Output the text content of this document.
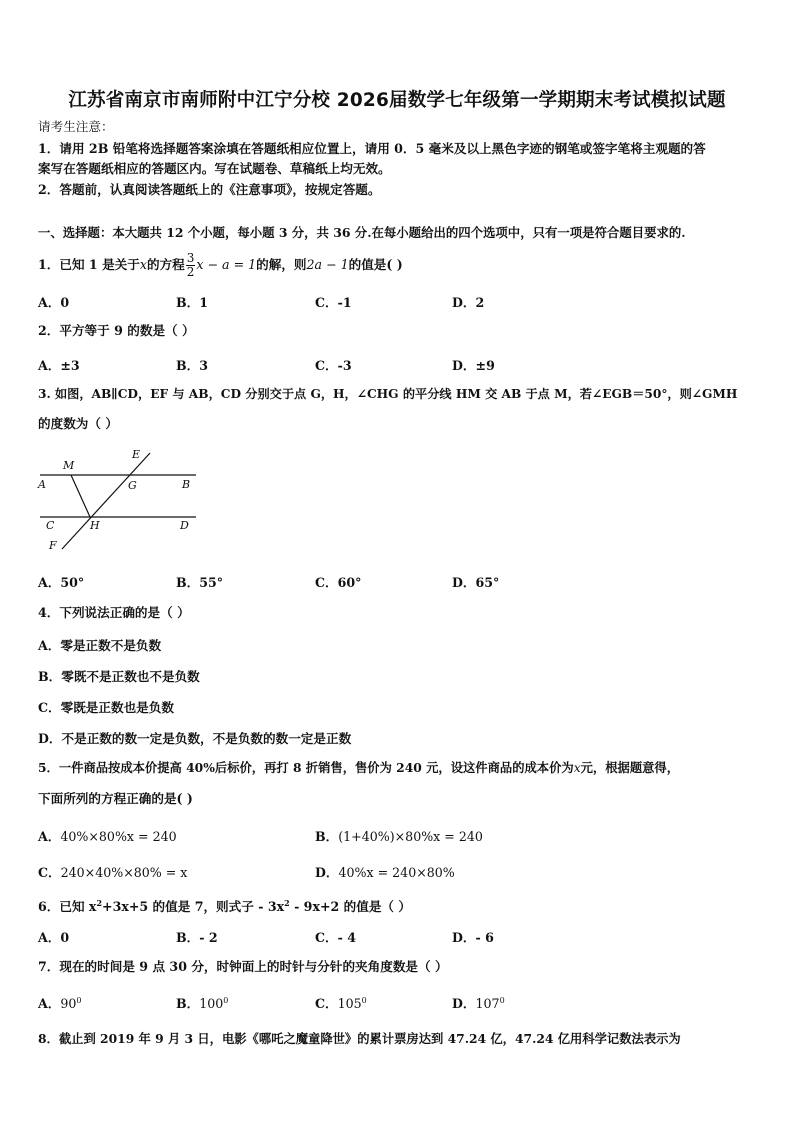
江苏省南京市南师附中江宁分校 2026届数学七年级第一学期期末考试模拟试题
请考生注意：
1．请用 2B 铅笔将选择题答案涂填在答题纸相应位置上，请用 0．5 毫米及以上黑色字迹的钢笔或签字笔将主观题的答
案写在答题纸相应的答题区内。写在试题卷、草稿纸上均无效。
2．答题前，认真阅读答题纸上的《注意事项》，按规定答题。
一、选择题：本大题共 12 个小题，每小题 3 分，共 36 分.在每小题给出的四个选项中，只有一项是符合题目要求的.
1．已知 1 是关于x的方程 $\frac{3}{2}$ x − a = 1的解，则2a − 1的值是( )
A．0	B．1	C．-1	D．2
2．平方等于 9 的数是（ ）
A．±3	B．3	C．-3	D．±9
3. 如图，AB∥CD，EF 与 AB，CD 分别交于点 G，H，∠CHG 的平分线 HM 交 AB 于点 M，若∠EGB＝50°，则∠GMH
的度数为（ ）
M
E
A	G	B
C	H	D
F
A．50°	B．55°	C．60°	D．65°
4．下列说法正确的是（ ）
A．零是正数不是负数
B．零既不是正数也不是负数
C．零既是正数也是负数
D．不是正数的数一定是负数，不是负数的数一定是正数
5．一件商品按成本价提高 40%后标价，再打 8 折销售，售价为 240 元，设这件商品的成本价为x元，根据题意得，
下面所列的方程正确的是( )
A．40%×80%x = 240	B．(1+40%)×80%x = 240
C．240×40%×80% = x	D．40%x = 240×80%
6．已知 $x^2+3x+5$ 的值是 7，则式子 - $3x^2 - 9x+2$ 的值是（ ）
A．0	B．- 2	C．- 4	D．- 6
7．现在的时间是 9 点 30 分，时钟面上的时针与分针的夹角度数是（ ）
A．$90^0$	B．$100^0$	C．$105^0$	D．$107^0$
8．截止到 2019 年 9 月 3 日，电影《哪吒之魔童降世》的累计票房达到 47.24 亿，47.24 亿用科学记数法表示为
